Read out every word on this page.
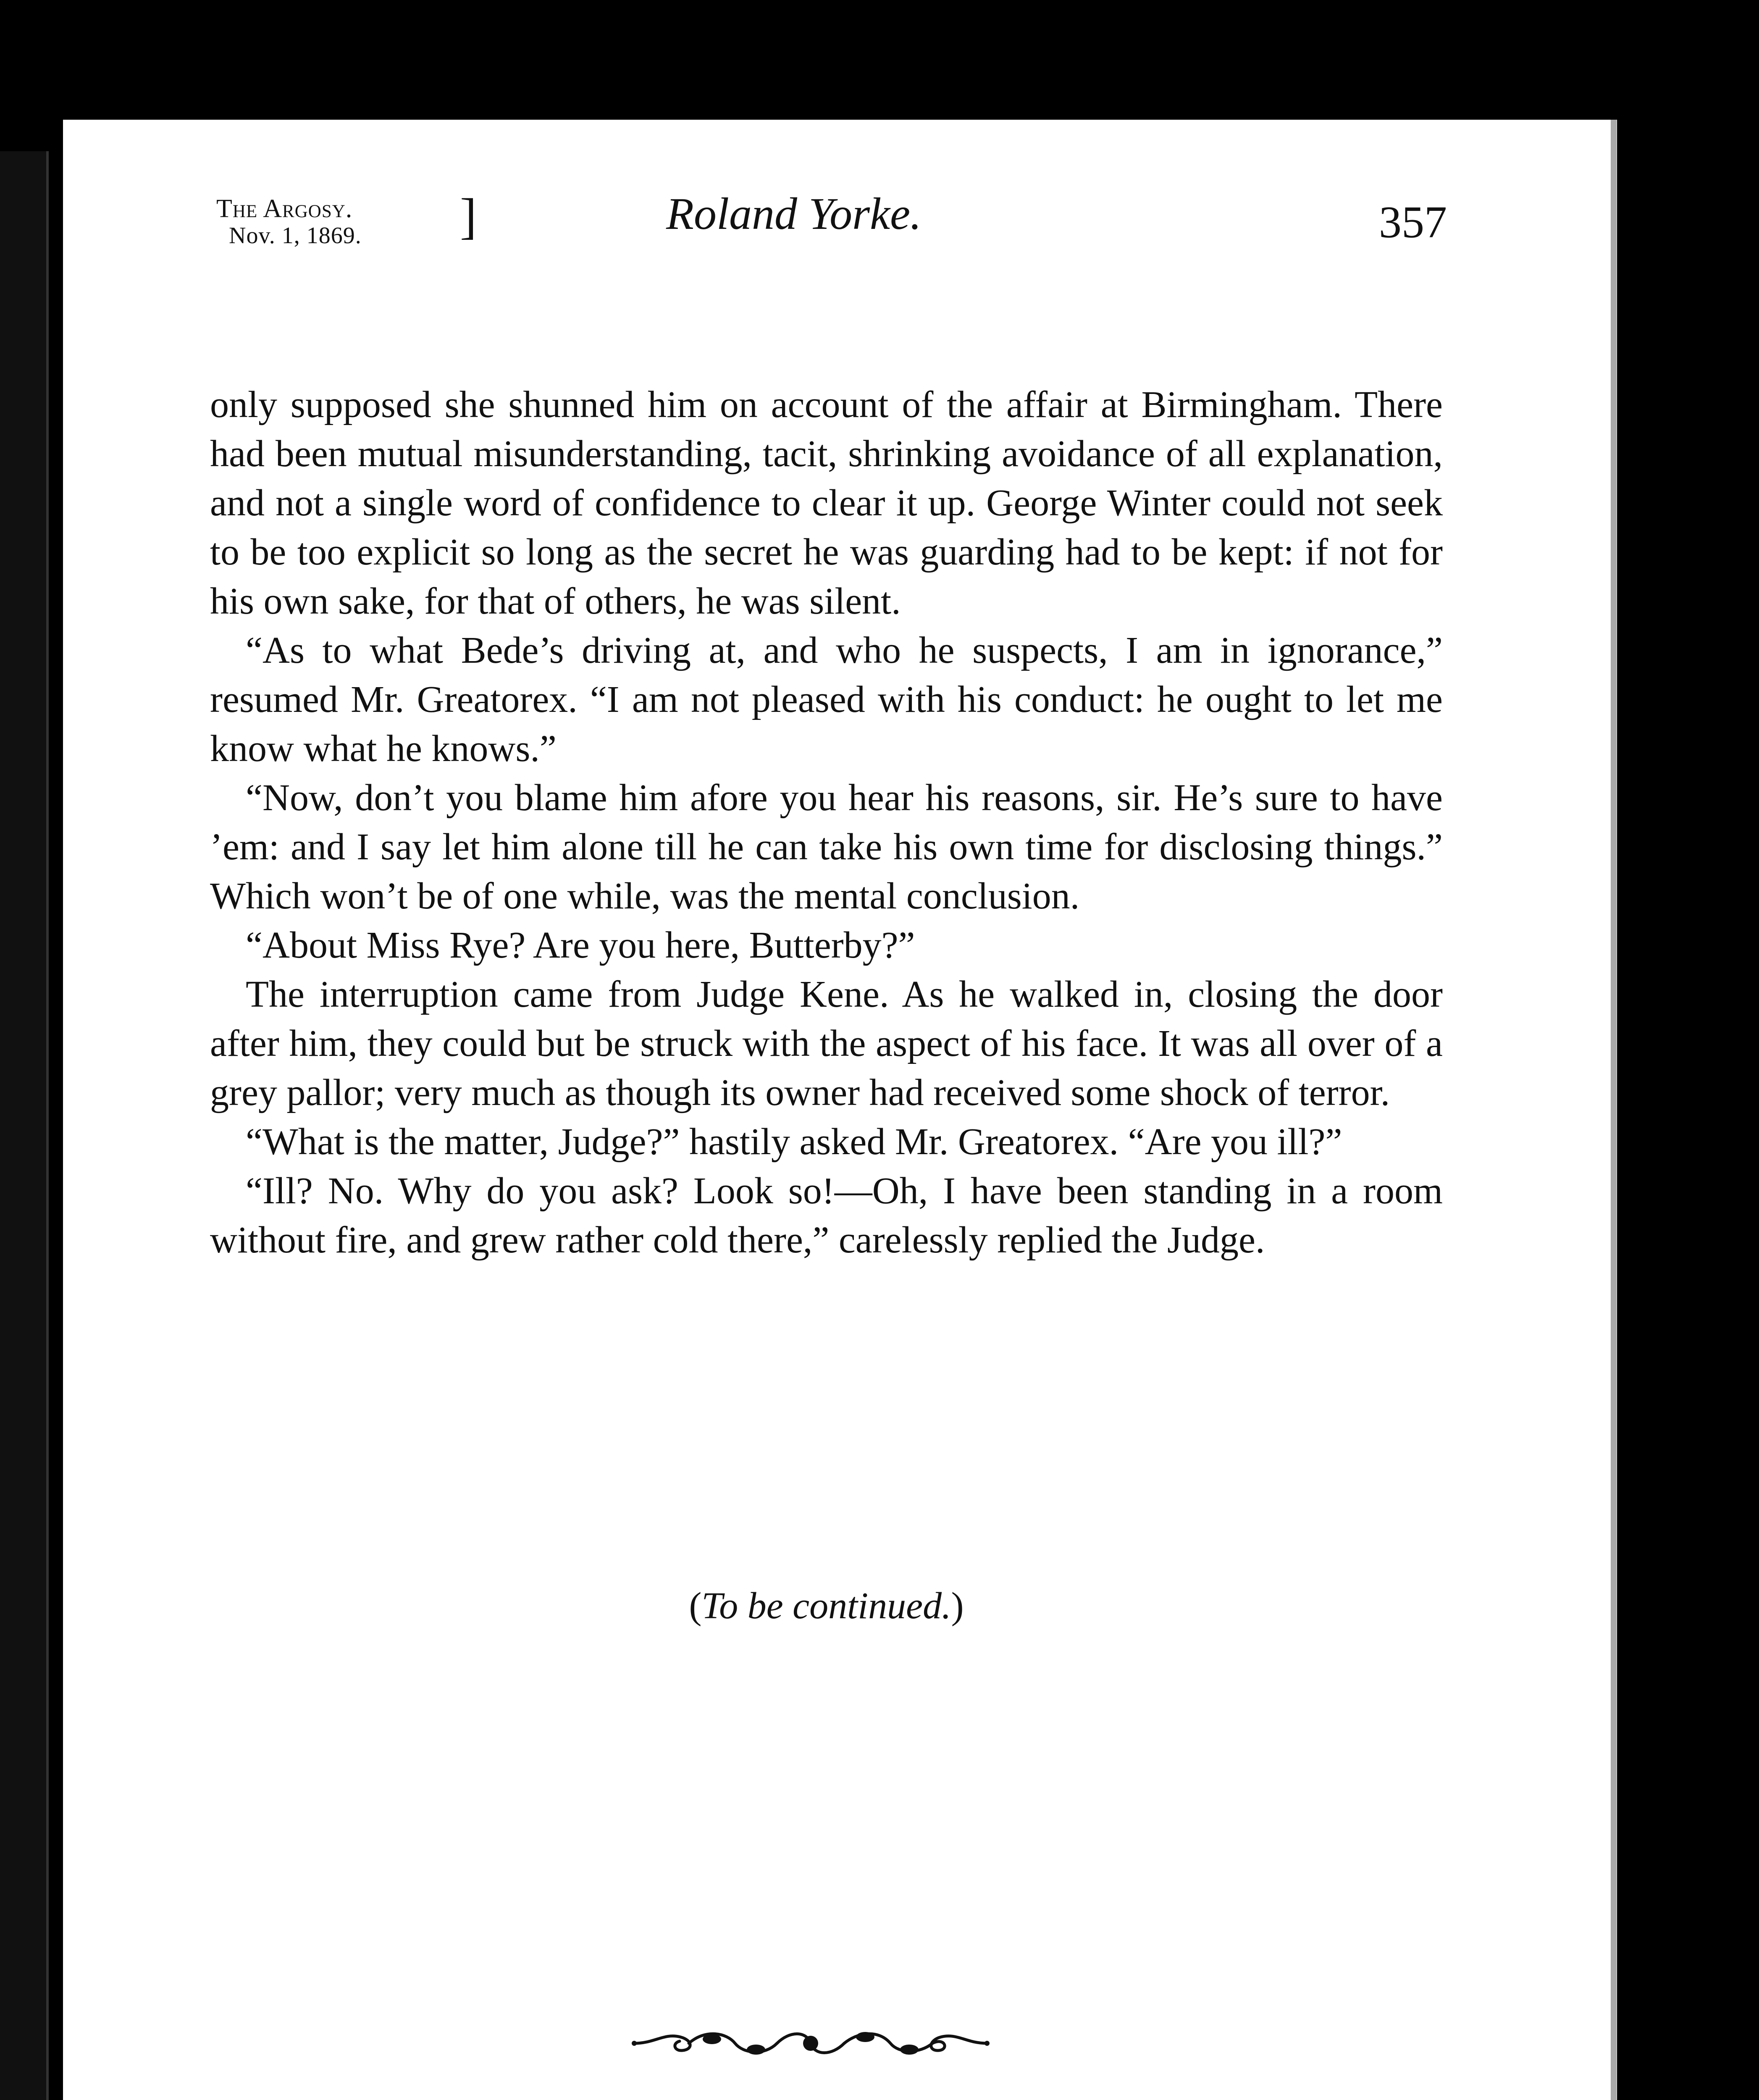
The Argosy.
Nov. 1, 1869. ]	Roland Yorke.	357

only supposed she shunned him on account of the affair at Birmingham. There had been mutual misunderstanding, tacit, shrinking avoidance of all explanation, and not a single word of confidence to clear it up. George Winter could not seek to be too explicit so long as the secret he was guarding had to be kept: if not for his own sake, for that of others, he was silent.

“As to what Bede’s driving at, and who he suspects, I am in ignorance,” resumed Mr. Greatorex. “I am not pleased with his conduct: he ought to let me know what he knows.”

“Now, don’t you blame him afore you hear his reasons, sir. He’s sure to have ’em: and I say let him alone till he can take his own time for disclosing things.” Which won’t be of one while, was the mental conclusion.

“About Miss Rye? Are you here, Butterby?”

The interruption came from Judge Kene. As he walked in, closing the door after him, they could but be struck with the aspect of his face. It was all over of a grey pallor; very much as though its owner had received some shock of terror.

“What is the matter, Judge?” hastily asked Mr. Greatorex. “Are you ill?”

“Ill? No. Why do you ask? Look so!—Oh, I have been standing in a room without fire, and grew rather cold there,” carelessly replied the Judge.

(To be continued.)
